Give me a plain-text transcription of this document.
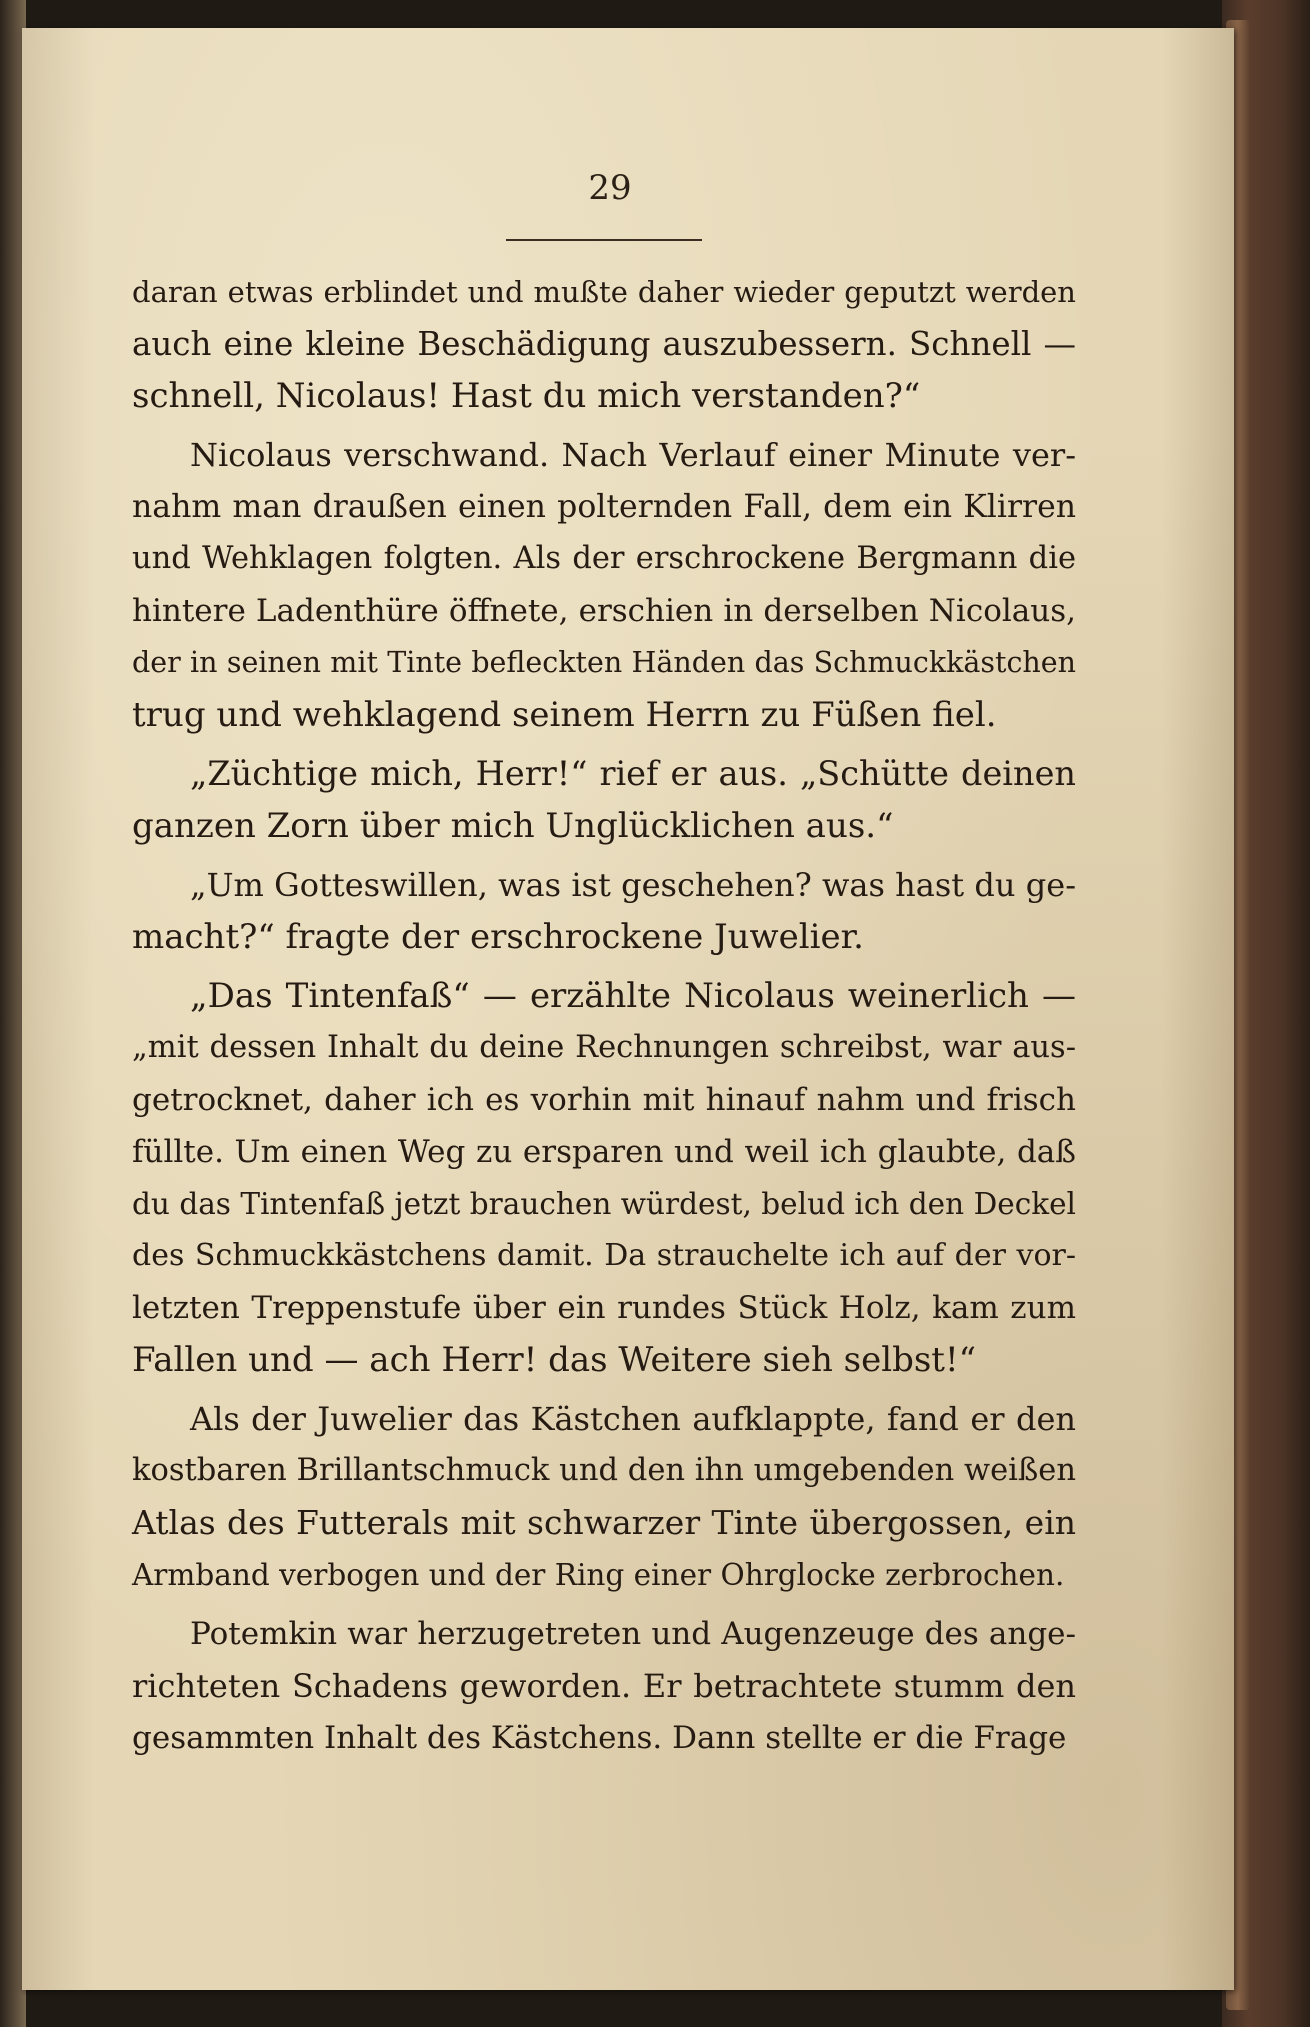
29
daran etwas erblindet und mußte daher wieder geputzt werden
auch eine kleine Beschädigung auszubessern. Schnell —
schnell, Nicolaus! Hast du mich verstanden?“
Nicolaus verschwand. Nach Verlauf einer Minute ver-
nahm man draußen einen polternden Fall, dem ein Klirren
und Wehklagen folgten. Als der erschrockene Bergmann die
hintere Ladenthüre öffnete, erschien in derselben Nicolaus,
der in seinen mit Tinte befleckten Händen das Schmuckkästchen
trug und wehklagend seinem Herrn zu Füßen fiel.
„Züchtige mich, Herr!“ rief er aus. „Schütte deinen
ganzen Zorn über mich Unglücklichen aus.“
„Um Gotteswillen, was ist geschehen? was hast du ge-
macht?“ fragte der erschrockene Juwelier.
„Das Tintenfaß“ — erzählte Nicolaus weinerlich —
„mit dessen Inhalt du deine Rechnungen schreibst, war aus-
getrocknet, daher ich es vorhin mit hinauf nahm und frisch
füllte. Um einen Weg zu ersparen und weil ich glaubte, daß
du das Tintenfaß jetzt brauchen würdest, belud ich den Deckel
des Schmuckkästchens damit. Da strauchelte ich auf der vor-
letzten Treppenstufe über ein rundes Stück Holz, kam zum
Fallen und — ach Herr! das Weitere sieh selbst!“
Als der Juwelier das Kästchen aufklappte, fand er den
kostbaren Brillantschmuck und den ihn umgebenden weißen
Atlas des Futterals mit schwarzer Tinte übergossen, ein
Armband verbogen und der Ring einer Ohrglocke zerbrochen.
Potemkin war herzugetreten und Augenzeuge des ange-
richteten Schadens geworden. Er betrachtete stumm den
gesammten Inhalt des Kästchens. Dann stellte er die Frage
